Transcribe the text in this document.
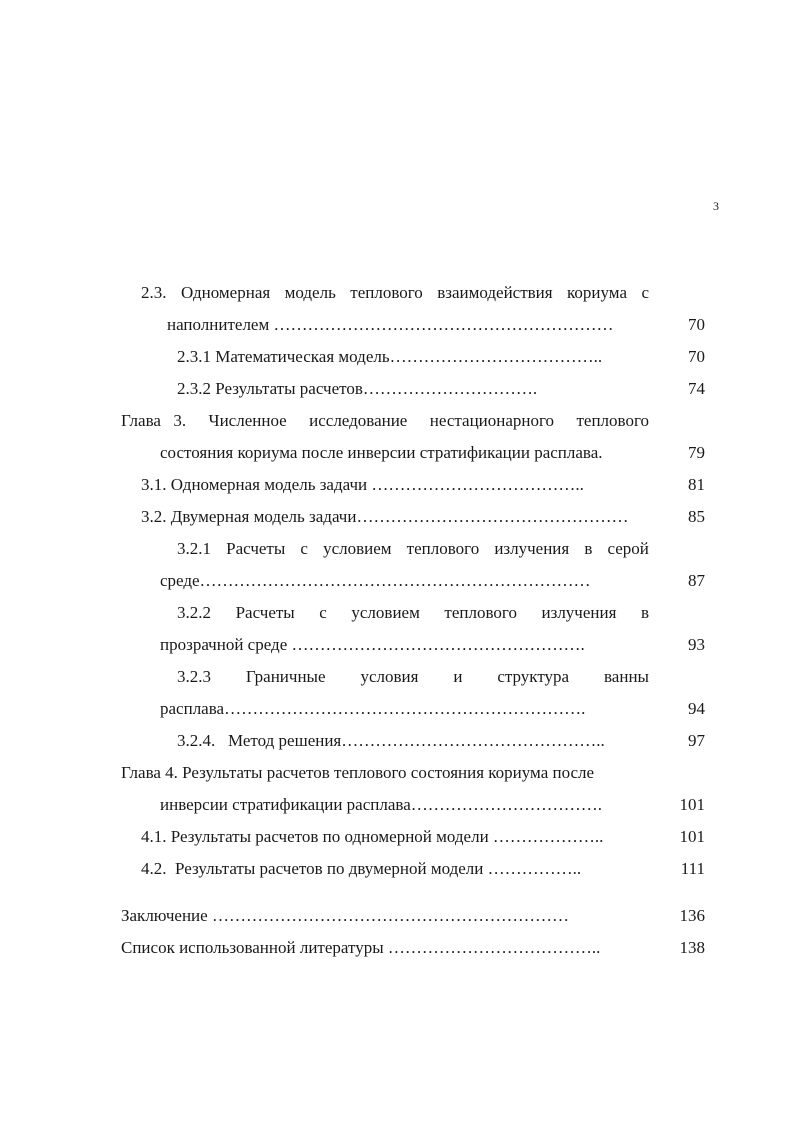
3
2.3. Одномерная модель теплового взаимодействия кориума с
наполнителем ……………………………………………………	70
2.3.1 Математическая модель………………………………..	70
2.3.2 Результаты расчетов………………………….	74
Глава 3. Численное исследование нестационарного теплового
состояния кориума после инверсии стратификации расплава.	79
3.1. Одномерная модель задачи ………………………………..	81
3.2. Двумерная модель задачи…………………………………………	85
3.2.1 Расчеты с условием теплового излучения в серой
среде……………………………………………………………	87
3.2.2 Расчеты с условием теплового излучения в
прозрачной среде …………………………………………….	93
3.2.3 Граничные условия и структура ванны
расплава……………………………………………………….	94
3.2.4.   Метод решения………………………………………..	97
Глава 4. Результаты расчетов теплового состояния кориума после
инверсии стратификации расплава…………………………….	101
4.1. Результаты расчетов по одномерной модели ………………..	101
4.2.  Результаты расчетов по двумерной модели ……………..	111
Заключение ………………………………………………………	136
Список использованной литературы ………………………………..	138
